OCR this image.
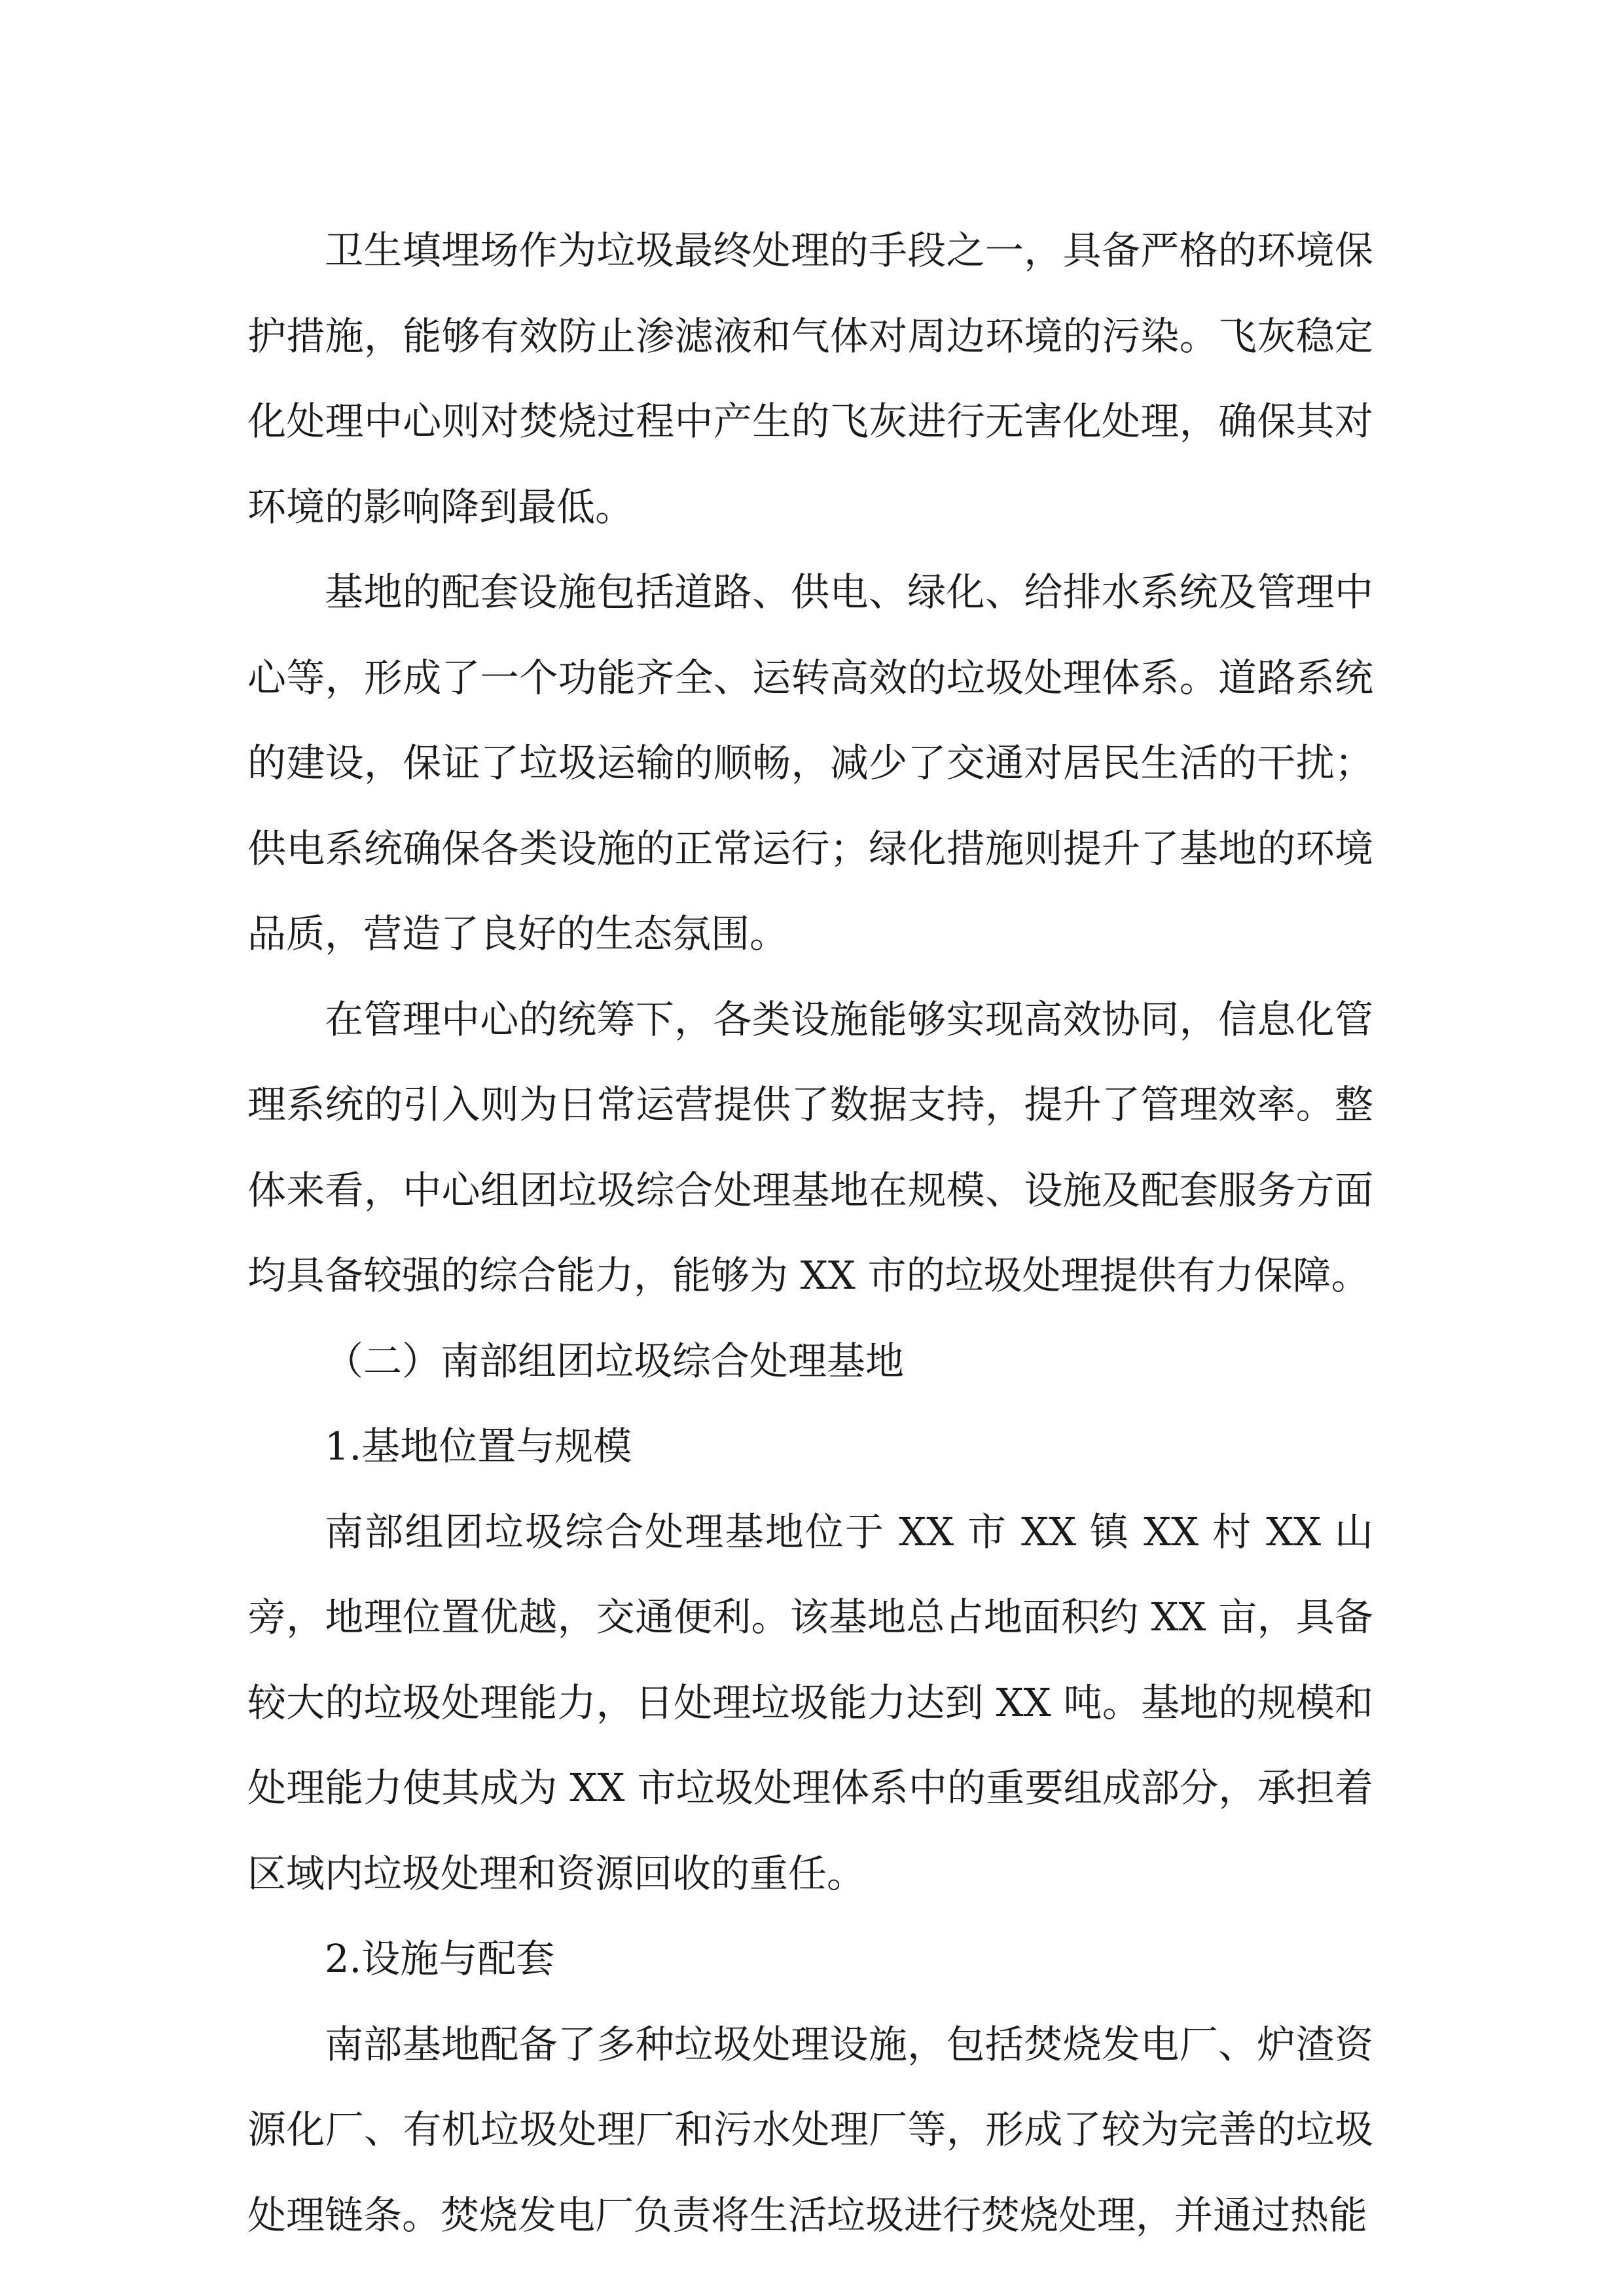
卫生填埋场作为垃圾最终处理的手段之一，具备严格的环境保护措施，能够有效防止渗滤液和气体对周边环境的污染。飞灰稳定化处理中心则对焚烧过程中产生的飞灰进行无害化处理，确保其对环境的影响降到最低。

基地的配套设施包括道路、供电、绿化、给排水系统及管理中心等，形成了一个功能齐全、运转高效的垃圾处理体系。道路系统的建设，保证了垃圾运输的顺畅，减少了交通对居民生活的干扰；供电系统确保各类设施的正常运行；绿化措施则提升了基地的环境品质，营造了良好的生态氛围。

在管理中心的统筹下，各类设施能够实现高效协同，信息化管理系统的引入则为日常运营提供了数据支持，提升了管理效率。整体来看，中心组团垃圾综合处理基地在规模、设施及配套服务方面均具备较强的综合能力，能够为 XX 市的垃圾处理提供有力保障。

（二）南部组团垃圾综合处理基地

1.基地位置与规模

南部组团垃圾综合处理基地位于 XX 市 XX 镇 XX 村 XX 山旁，地理位置优越，交通便利。该基地总占地面积约 XX 亩，具备较大的垃圾处理能力，日处理垃圾能力达到 XX 吨。基地的规模和处理能力使其成为 XX 市垃圾处理体系中的重要组成部分，承担着区域内垃圾处理和资源回收的重任。

2.设施与配套

南部基地配备了多种垃圾处理设施，包括焚烧发电厂、炉渣资源化厂、有机垃圾处理厂和污水处理厂等，形成了较为完善的垃圾处理链条。焚烧发电厂负责将生活垃圾进行焚烧处理，并通过热能
